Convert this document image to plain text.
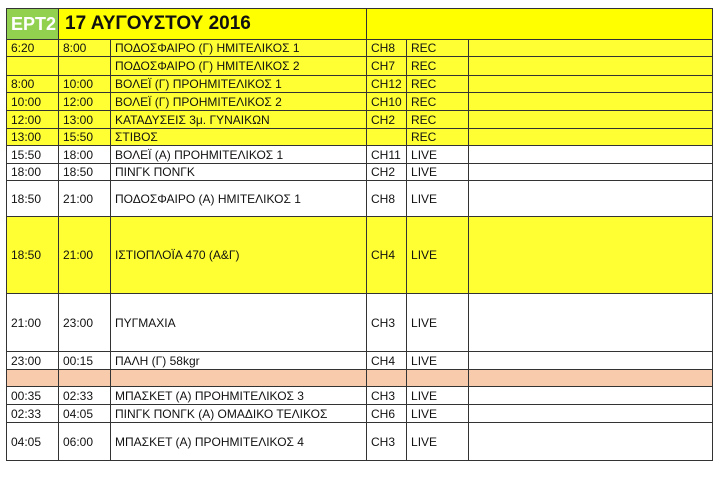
ΕΡΤ2	17 ΑΥΓΟΥΣΤΟΥ 2016				
6:20	8:00	ΠΟΔΟΣΦΑΙΡΟ (Γ) ΗΜΙΤΕΛΙΚΟΣ 1	CH8	REC	
		ΠΟΔΟΣΦΑΙΡΟ (Γ) ΗΜΙΤΕΛΙΚΟΣ 2	CH7	REC	
8:00	10:00	ΒΟΛΕΪ (Γ) ΠΡΟΗΜΙΤΕΛΙΚΟΣ 1	CH12	REC	
10:00	12:00	ΒΟΛΕΪ (Γ) ΠΡΟΗΜΙΤΕΛΙΚΟΣ 2	CH10	REC	
12:00	13:00	ΚΑΤΑΔΥΣΕΙΣ 3μ. ΓΥΝΑΙΚΩΝ	CH2	REC	
13:00	15:50	ΣΤΙΒΟΣ		REC	
15:50	18:00	ΒΟΛΕΪ (Α) ΠΡΟΗΜΙΤΕΛΙΚΟΣ 1	CH11	LIVE	
18:00	18:50	ΠΙΝΓΚ ΠΟΝΓΚ	CH2	LIVE	
18:50	21:00	ΠΟΔΟΣΦΑΙΡΟ (Α) ΗΜΙΤΕΛΙΚΟΣ 1	CH8	LIVE	
18:50	21:00	ΙΣΤΙΟΠΛΟΪΑ 470 (Α&Γ)	CH4	LIVE	
21:00	23:00	ΠΥΓΜΑΧΙΑ	CH3	LIVE	
23:00	00:15	ΠΑΛΗ (Γ) 58kgr	CH4	LIVE	

00:35	02:33	ΜΠΑΣΚΕΤ (Α) ΠΡΟΗΜΙΤΕΛΙΚΟΣ 3	CH3	LIVE	
02:33	04:05	ΠΙΝΓΚ ΠΟΝΓΚ (Α) ΟΜΑΔΙΚΟ ΤΕΛΙΚΟΣ	CH6	LIVE	
04:05	06:00	ΜΠΑΣΚΕΤ (Α) ΠΡΟΗΜΙΤΕΛΙΚΟΣ 4	CH3	LIVE	
